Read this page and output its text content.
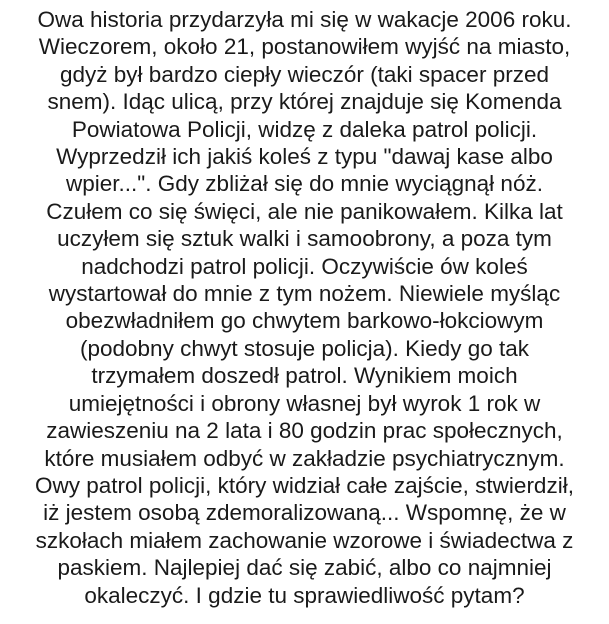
Owa historia przydarzyła mi się w wakacje 2006 roku.
Wieczorem, około 21, postanowiłem wyjść na miasto,
gdyż był bardzo ciepły wieczór (taki spacer przed
snem). Idąc ulicą, przy której znajduje się Komenda
Powiatowa Policji, widzę z daleka patrol policji.
Wyprzedził ich jakiś koleś z typu "dawaj kase albo
wpier...". Gdy zbliżał się do mnie wyciągnął nóż.
Czułem co się święci, ale nie panikowałem. Kilka lat
uczyłem się sztuk walki i samoobrony, a poza tym
nadchodzi patrol policji. Oczywiście ów koleś
wystartował do mnie z tym nożem. Niewiele myśląc
obezwładniłem go chwytem barkowo-łokciowym
(podobny chwyt stosuje policja). Kiedy go tak
trzymałem doszedł patrol. Wynikiem moich
umiejętności i obrony własnej był wyrok 1 rok w
zawieszeniu na 2 lata i 80 godzin prac społecznych,
które musiałem odbyć w zakładzie psychiatrycznym.
Owy patrol policji, który widział całe zajście, stwierdził,
iż jestem osobą zdemoralizowaną... Wspomnę, że w
szkołach miałem zachowanie wzorowe i świadectwa z
paskiem. Najlepiej dać się zabić, albo co najmniej
okaleczyć. I gdzie tu sprawiedliwość pytam?
